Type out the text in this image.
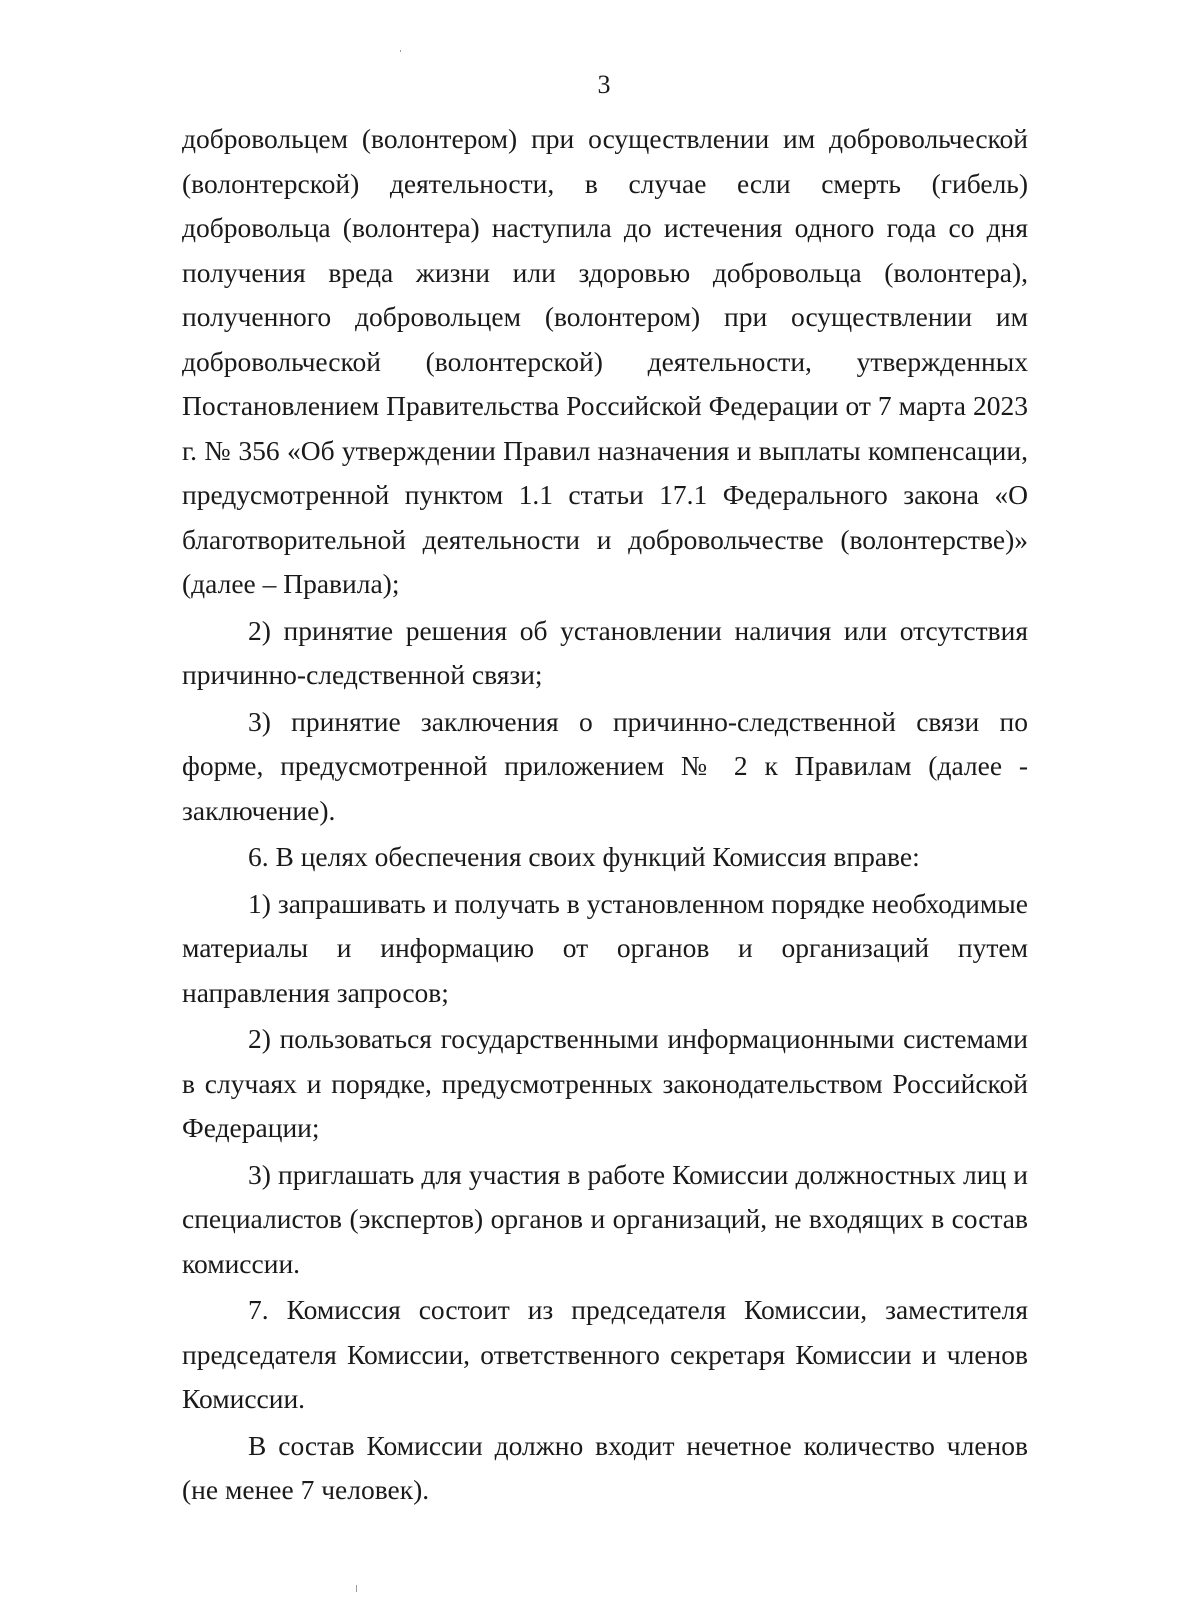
3

добровольцем (волонтером) при осуществлении им добровольческой (волонтерской) деятельности, в случае если смерть (гибель) добровольца (волонтера) наступила до истечения одного года со дня получения вреда жизни или здоровью добровольца (волонтера), полученного добровольцем (волонтером) при осуществлении им добровольческой (волонтерской) деятельности, утвержденных Постановлением Правительства Российской Федерации от 7 марта 2023 г. № 356 «Об утверждении Правил назначения и выплаты компенсации, предусмотренной пунктом 1.1 статьи 17.1 Федерального закона «О благотворительной деятельности и добровольчестве (волонтерстве)» (далее – Правила);

2) принятие решения об установлении наличия или отсутствия причинно-следственной связи;

3) принятие заключения о причинно-следственной связи по форме, предусмотренной приложением № 2 к Правилам (далее - заключение).

6. В целях обеспечения своих функций Комиссия вправе:

1) запрашивать и получать в установленном порядке необходимые материалы и информацию от органов и организаций путем направления запросов;

2) пользоваться государственными информационными системами в случаях и порядке, предусмотренных законодательством Российской Федерации;

3) приглашать для участия в работе Комиссии должностных лиц и специалистов (экспертов) органов и организаций, не входящих в состав комиссии.

7. Комиссия состоит из председателя Комиссии, заместителя председателя Комиссии, ответственного секретаря Комиссии и членов Комиссии.

В состав Комиссии должно входит нечетное количество членов (не менее 7 человек).
